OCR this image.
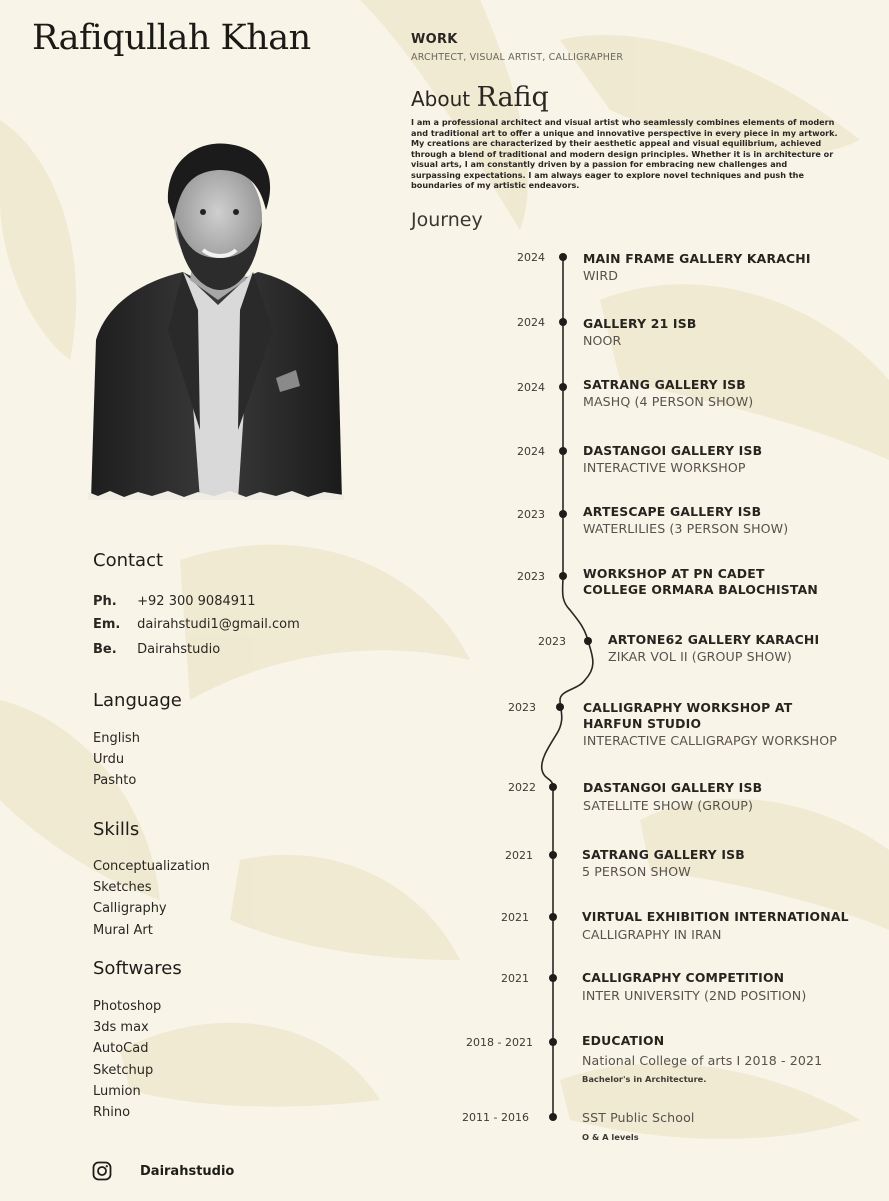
Rafiqullah Khan	WORK
ARCHTECT, VISUAL ARTIST, CALLIGRAPHER
About Rafiq
I am a professional architect and visual artist who seamlessly combines elements of modern and traditional art to offer a unique and innovative perspective in every piece in my artwork. My creations are characterized by their aesthetic appeal and visual equilibrium, achieved through a blend of traditional and modern design principles. Whether it is in architecture or visual arts, I am constantly driven by a passion for embracing new challenges and surpassing expectations. I am always eager to explore novel techniques and push the boundaries of my artistic endeavors.
Journey
Contact
Ph. +92 300 9084911
Em. dairahstudi1@gmail.com
Be. Dairahstudio
Language
English
Urdu
Pashto
Skills
Conceptualization
Sketches
Calligraphy
Mural Art
Softwares
Photoshop
3ds max
AutoCad
Sketchup
Lumion
Rhino
2024	MAIN FRAME GALLERY KARACHI
WIRD
2024	GALLERY 21 ISB
NOOR
2024	SATRANG GALLERY ISB
MASHQ (4 PERSON SHOW)
2024	DASTANGOI GALLERY ISB
INTERACTIVE WORKSHOP
2023	ARTESCAPE GALLERY ISB
WATERLILIES (3 PERSON SHOW)
2023	WORKSHOP AT PN CADET COLLEGE ORMARA BALOCHISTAN
2023	ARTONE62 GALLERY KARACHI
ZIKAR VOL II (GROUP SHOW)
2023	CALLIGRAPHY WORKSHOP AT HARFUN STUDIO
INTERACTIVE CALLIGRAPGY WORKSHOP
2022	DASTANGOI GALLERY ISB
SATELLITE SHOW (GROUP)
2021	SATRANG GALLERY ISB
5 PERSON SHOW
2021	VIRTUAL EXHIBITION INTERNATIONAL
CALLIGRAPHY IN IRAN
2021	CALLIGRAPHY COMPETITION
INTER UNIVERSITY (2ND POSITION)
2018 - 2021	EDUCATION
National College of arts I 2018 - 2021
Bachelor's in Architecture.
2011 - 2016	SST Public School
O & A levels
Dairahstudio
